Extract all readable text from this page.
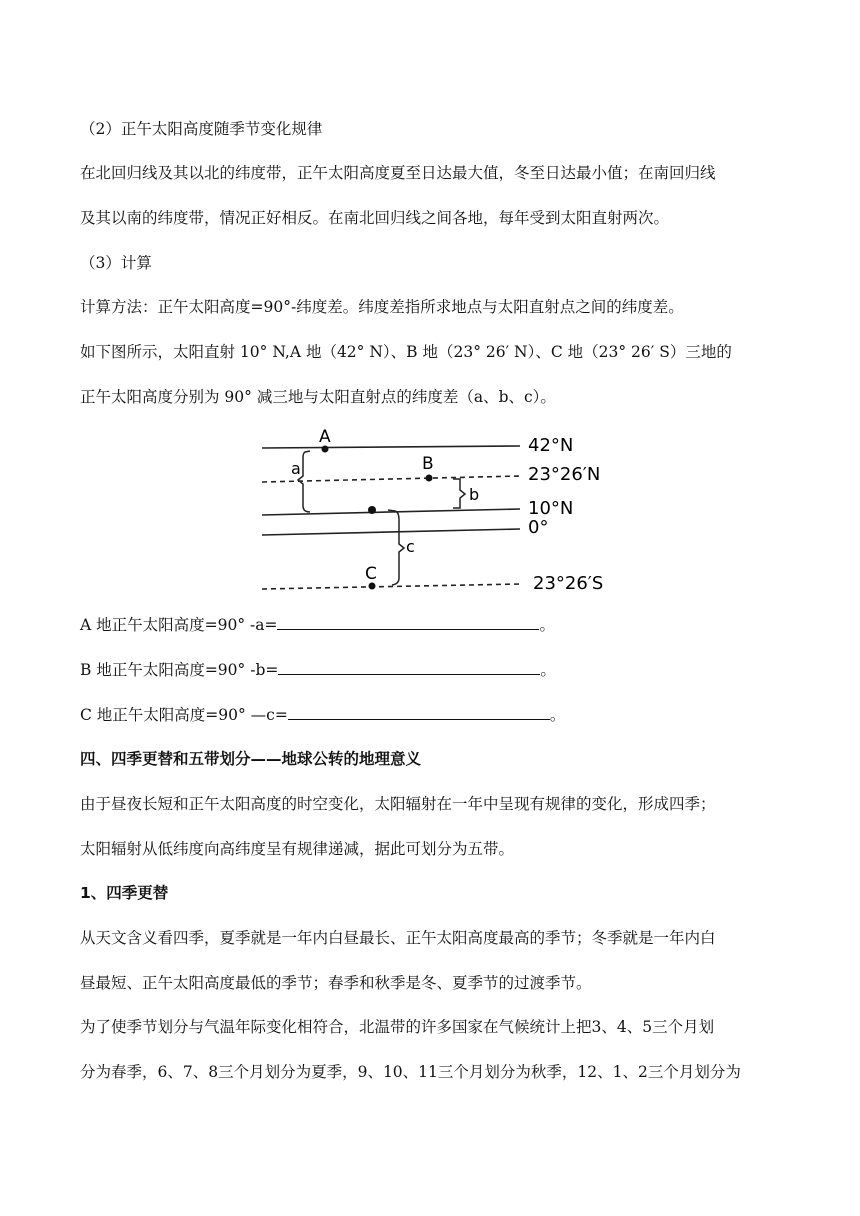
（2）正午太阳高度随季节变化规律
在北回归线及其以北的纬度带，正午太阳高度夏至日达最大值，冬至日达最小值；在南回归线
及其以南的纬度带，情况正好相反。在南北回归线之间各地，每年受到太阳直射两次。
（3）计算
计算方法：正午太阳高度=90°-纬度差。纬度差指所求地点与太阳直射点之间的纬度差。
如下图所示，太阳直射 10° N,A 地（42° N）、B 地（23° 26′ N）、C 地（23° 26′ S）三地的
正午太阳高度分别为 90° 减三地与太阳直射点的纬度差（a、b、c）。
A
B
C
a
b
c
42°N
23°26′N
10°N
0°
23°26′S
A 地正午太阳高度=90° -a=	。
B 地正午太阳高度=90° -b=	。
C 地正午太阳高度=90° —c=	。
四、四季更替和五带划分——地球公转的地理意义
由于昼夜长短和正午太阳高度的时空变化，太阳辐射在一年中呈现有规律的变化，形成四季；
太阳辐射从低纬度向高纬度呈有规律递减，据此可划分为五带。
1、四季更替
从天文含义看四季，夏季就是一年内白昼最长、正午太阳高度最高的季节；冬季就是一年内白
昼最短、正午太阳高度最低的季节；春季和秋季是冬、夏季节的过渡季节。
为了使季节划分与气温年际变化相符合，北温带的许多国家在气候统计上把3、4、5三个月划
分为春季，6、7、8三个月划分为夏季，9、10、11三个月划分为秋季，12、1、2三个月划分为
